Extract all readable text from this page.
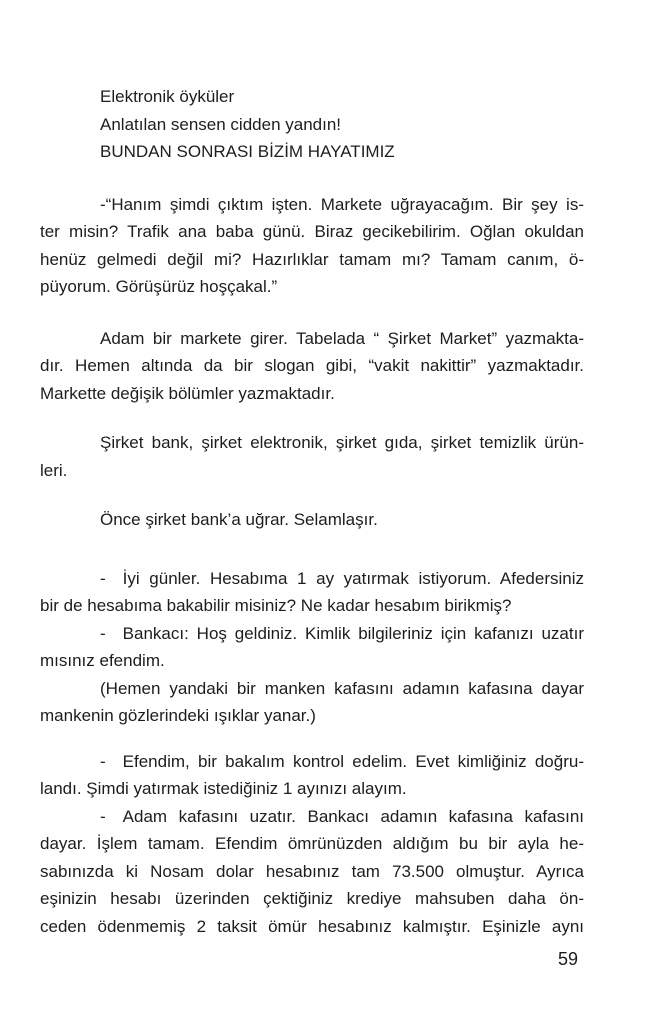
Elektronik öyküler
Anlatılan sensen cidden yandın!
BUNDAN SONRASI BİZİM HAYATIMIZ
-“Hanım şimdi çıktım işten. Markete uğrayacağım. Bir şey is-
ter misin? Trafik ana baba günü. Biraz gecikebilirim. Oğlan okuldan
henüz gelmedi değil mi? Hazırlıklar tamam mı? Tamam canım, ö-
püyorum. Görüşürüz hoşçakal.”
Adam bir markete girer. Tabelada “ Şirket Market” yazmakta-
dır. Hemen altında da bir slogan gibi, “vakit nakittir” yazmaktadır.
Markette değişik bölümler yazmaktadır.
Şirket bank, şirket elektronik, şirket gıda, şirket temizlik ürün-
leri.
Önce şirket bank’a uğrar. Selamlaşır.
- İyi günler. Hesabıma 1 ay yatırmak istiyorum. Afedersiniz
bir de hesabıma bakabilir misiniz? Ne kadar hesabım birikmiş?
- Bankacı: Hoş geldiniz. Kimlik bilgileriniz için kafanızı uzatır
mısınız efendim.
(Hemen yandaki bir manken kafasını adamın kafasına dayar
mankenin gözlerindeki ışıklar yanar.)
- Efendim, bir bakalım kontrol edelim. Evet kimliğiniz doğru-
landı. Şimdi yatırmak istediğiniz 1 ayınızı alayım.
- Adam kafasını uzatır. Bankacı adamın kafasına kafasını
dayar. İşlem tamam. Efendim ömrünüzden aldığım bu bir ayla he-
sabınızda ki Nosam dolar hesabınız tam 73.500 olmuştur. Ayrıca
eşinizin hesabı üzerinden çektiğiniz krediye mahsuben daha ön-
ceden ödenmemiş 2 taksit ömür hesabınız kalmıştır. Eşinizle aynı
59
